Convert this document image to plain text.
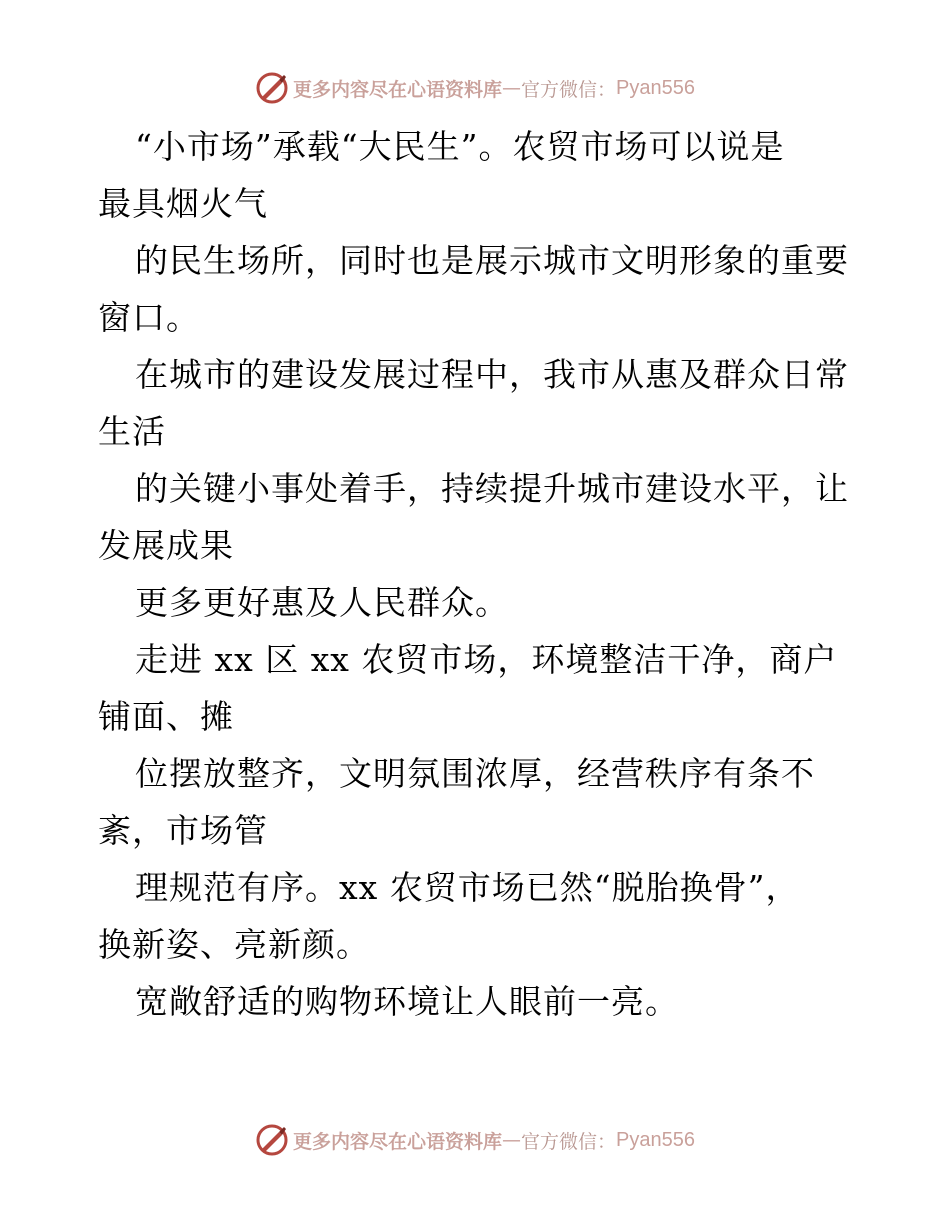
更多内容尽在心语资料库 — 官方微信： Pyan556
“小市场”承载“大民生”。农贸市场可以说是
最具烟火气
的民生场所，同时也是展示城市文明形象的重要
窗口。
在城市的建设发展过程中，我市从惠及群众日常
生活
的关键小事处着手，持续提升城市建设水平，让
发展成果
更多更好惠及人民群众。
走进 xx 区 xx 农贸市场，环境整洁干净，商户
铺面、摊
位摆放整齐，文明氛围浓厚，经营秩序有条不
紊，市场管
理规范有序。xx 农贸市场已然“脱胎换骨”，
换新姿、亮新颜。
宽敞舒适的购物环境让人眼前一亮。
更多内容尽在心语资料库 — 官方微信： Pyan556
